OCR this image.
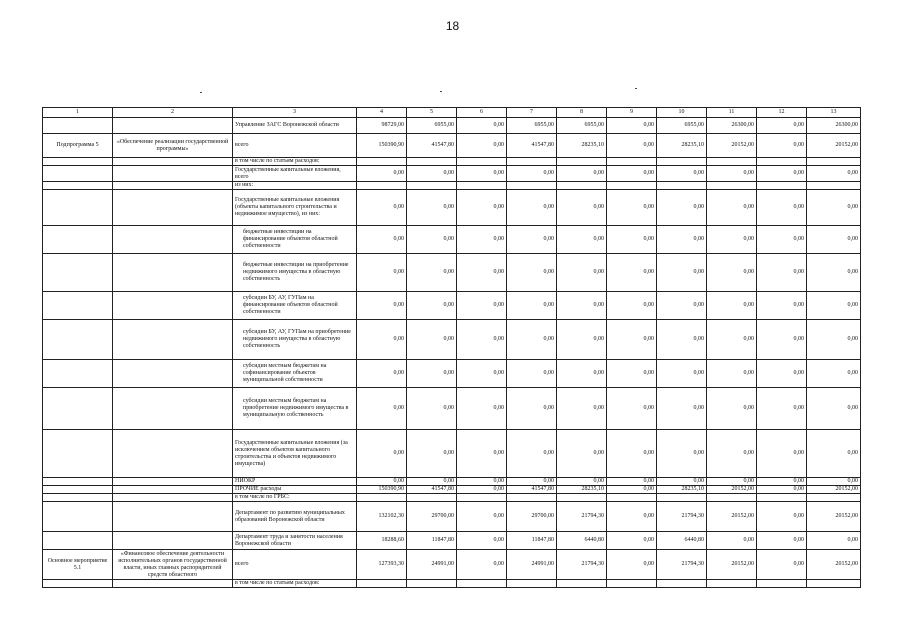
18
1	2	3	4	5	6	7	8	9	10	11	12	13
		Управление ЗАГС Воронежской области	98729,00	6955,00	0,00	6955,00	6955,00	0,00	6955,00	26300,00	0,00	26300,00
Подпрограмма 5	«Обеспечение реализации государственной программы»	всего	150390,90	41547,80	0,00	41547,80	28235,10	0,00	28235,10	20152,00	0,00	20152,00
		в том числе по статьям расходов:										
		Государственные капитальные вложения, всего	0,00	0,00	0,00	0,00	0,00	0,00	0,00	0,00	0,00	0,00
		из них:										
		Государственные капитальные вложения (объекты капитального строительства и недвижимое имущество), из них:	0,00	0,00	0,00	0,00	0,00	0,00	0,00	0,00	0,00	0,00
		бюджетные инвестиции на финансирование объектов областной собственности	0,00	0,00	0,00	0,00	0,00	0,00	0,00	0,00	0,00	0,00
		бюджетные инвестиции на приобретение недвижимого имущества в областную собственность	0,00	0,00	0,00	0,00	0,00	0,00	0,00	0,00	0,00	0,00
		субсидии БУ, АУ, ГУПам на финансирование объектов областной собственности	0,00	0,00	0,00	0,00	0,00	0,00	0,00	0,00	0,00	0,00
		субсидии БУ, АУ, ГУПам на приобретение недвижимого имущества в областную собственность	0,00	0,00	0,00	0,00	0,00	0,00	0,00	0,00	0,00	0,00
		субсидии местным бюджетам на софинансирование объектов муниципальной собственности	0,00	0,00	0,00	0,00	0,00	0,00	0,00	0,00	0,00	0,00
		субсидии местным бюджетам на приобретение недвижимого имущества в муниципальную собственность	0,00	0,00	0,00	0,00	0,00	0,00	0,00	0,00	0,00	0,00
		Государственные капитальные вложения (за исключением объектов капитального строительства и объектов недвижимого имущества)	0,00	0,00	0,00	0,00	0,00	0,00	0,00	0,00	0,00	0,00
		НИОКР	0,00	0,00	0,00	0,00	0,00	0,00	0,00	0,00	0,00	0,00
		ПРОЧИЕ расходы	150390,90	41547,80	0,00	41547,80	28235,10	0,00	28235,10	20152,00	0,00	20152,00
		в том числе по ГРБС:										
		Департамент по развитию муниципальных образований Воронежской области	132102,30	29700,00	0,00	29700,00	21794,30	0,00	21794,30	20152,00	0,00	20152,00
		Департамент труда и занятости населения Воронежской области	18288,60	11847,80	0,00	11847,80	6440,80	0,00	6440,80	0,00	0,00	0,00
Основное мероприятие 5.1	«Финансовое обеспечение деятельности исполнительных органов государственной власти, иных главных распорядителей средств областного	всего	127393,30	24991,00	0,00	24991,00	21794,30	0,00	21794,30	20152,00	0,00	20152,00
		в том числе по статьям расходов:										
